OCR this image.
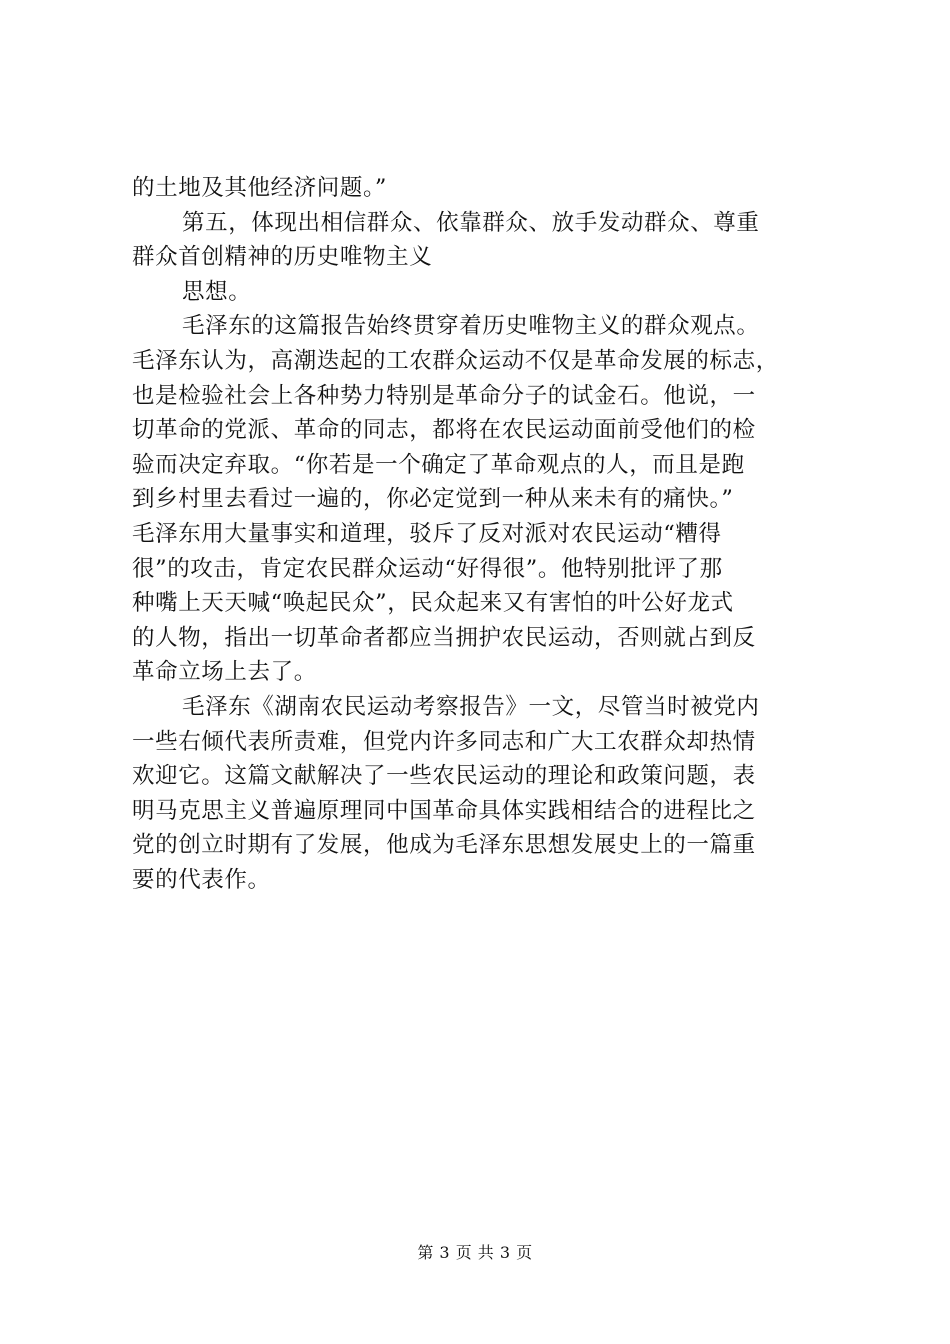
的土地及其他经济问题。”
第五，体现出相信群众、依靠群众、放手发动群众、尊重
群众首创精神的历史唯物主义
思想。
毛泽东的这篇报告始终贯穿着历史唯物主义的群众观点。
毛泽东认为，高潮迭起的工农群众运动不仅是革命发展的标志，
也是检验社会上各种势力特别是革命分子的试金石。他说，一
切革命的党派、革命的同志，都将在农民运动面前受他们的检
验而决定弃取。“你若是一个确定了革命观点的人，而且是跑
到乡村里去看过一遍的，你必定觉到一种从来未有的痛快。”
毛泽东用大量事实和道理，驳斥了反对派对农民运动“糟得
很”的攻击，肯定农民群众运动“好得很”。他特别批评了那
种嘴上天天喊“唤起民众”，民众起来又有害怕的叶公好龙式
的人物，指出一切革命者都应当拥护农民运动，否则就占到反
革命立场上去了。
毛泽东《湖南农民运动考察报告》一文，尽管当时被党内
一些右倾代表所责难，但党内许多同志和广大工农群众却热情
欢迎它。这篇文献解决了一些农民运动的理论和政策问题，表
明马克思主义普遍原理同中国革命具体实践相结合的进程比之
党的创立时期有了发展，他成为毛泽东思想发展史上的一篇重
要的代表作。
第 3 页 共 3 页
